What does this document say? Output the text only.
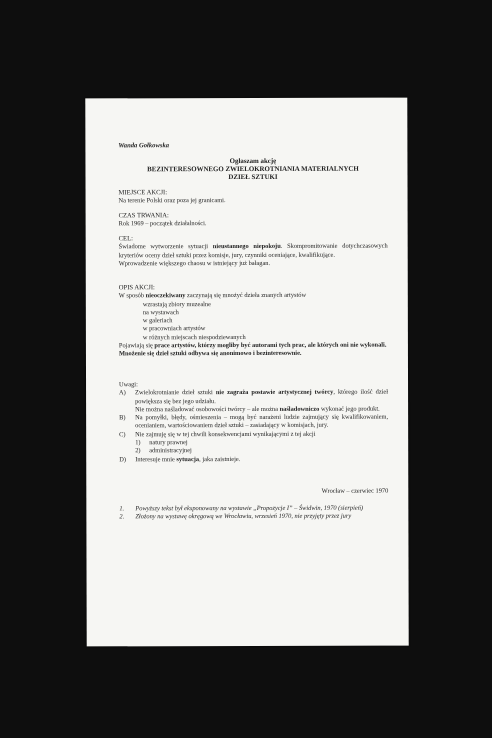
Wanda Gołkowska
Ogłaszam akcję
BEZINTERESOWNEGO ZWIELOKROTNIANIA MATERIALNYCH
DZIEŁ SZTUKI

MIEJSCE AKCJI:

Na terenie Polski oraz poza jej granicami.

CZAS TRWANIA:

Rok 1969 – początek działalności.

CEL:

Świadome wytworzenie sytuacji nieustannego niepokoju. Skompromitowanie dotychczasowych kryteriów oceny dzieł sztuki przez komisje, jury, czynniki oceniające, kwalifikujące.

Wprowadzenie większego chaosu w istniejący już bałagan.

OPIS AKCJI:

W sposób nieoczekiwany zaczynają się mnożyć dzieła znanych artystów

wzrastają zbiory muzealne

na wystawach

w galeriach

w pracowniach artystów

w różnych miejscach niespodziewanych

Pojawiają się prace artystów, którzy mogliby być autorami tych prac, ale których oni nie wykonali.

Mnożenie się dzieł sztuki odbywa się anonimowo i bezinteresownie.

Uwagi:

A)	Zwielokrotnianie dzieł sztuki nie zagraża postawie artystycznej twórcy, którego ilość dzieł powiększa się bez jego udziału.

Nie można naśladować osobowości twórcy – ale można naśladowniczo wykonać jego produkt.

B)	Na pomyłki, błędy, ośmieszenia – mogą być narażeni ludzie zajmujący się kwalifikowaniem, ocenianiem, wartościowaniem dzieł sztuki – zasiadający w komisjach, jury.

C)	Nie zajmuję się w tej chwili konsekwencjami wynikającymi z tej akcji

1)	natury prawnej
2)	administracyjnej
D)	Interesuje mnie sytuacja, jaka zaistnieje.

Wrocław – czerwiec 1970
1.	Powyższy tekst był eksponowany na wystawie „Propozycje I” – Świdwin, 1970 (sierpień)

2.	Złożony na wystawę okręgową we Wrocławiu, wrzesień 1970, nie przyjęty przez jury
